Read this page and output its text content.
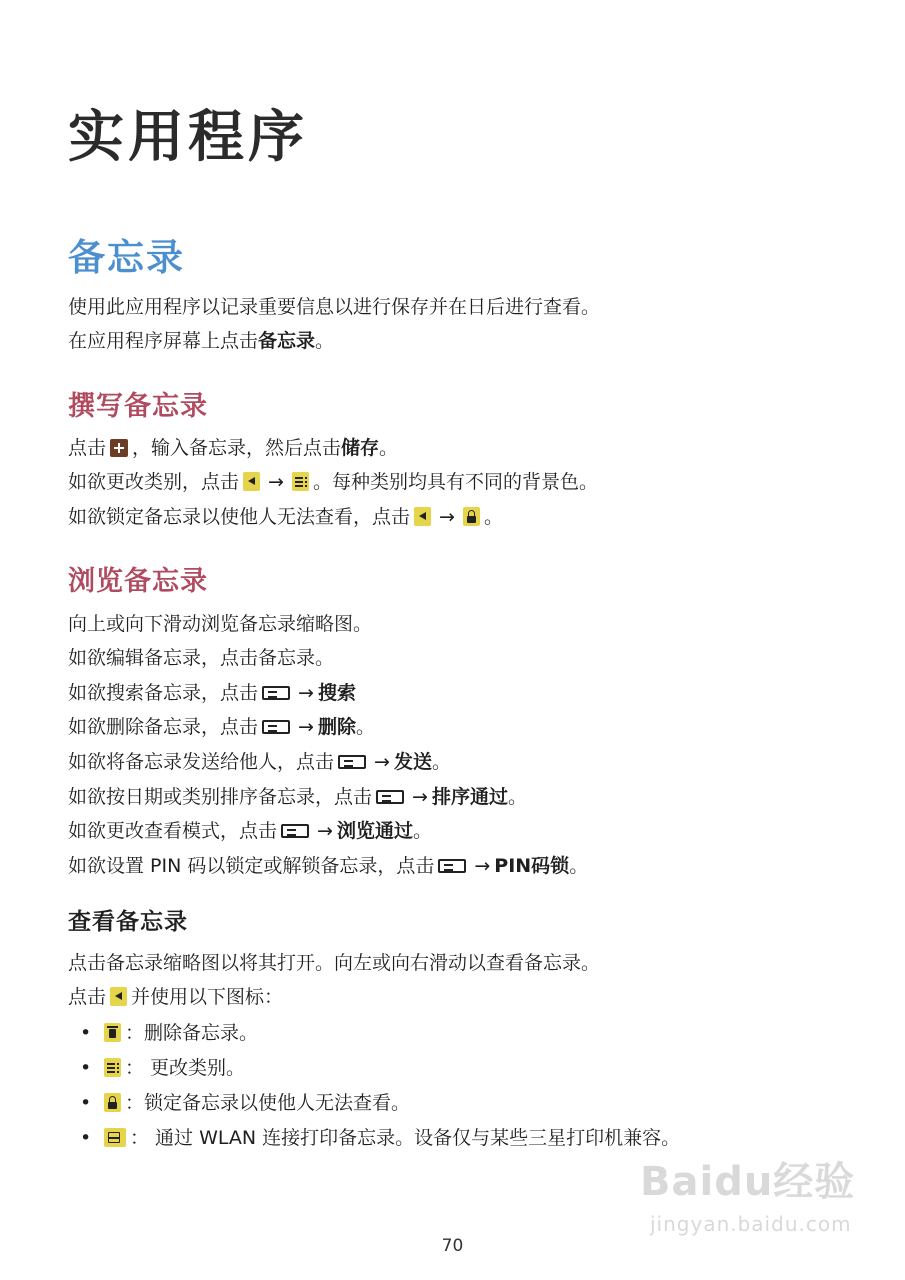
实用程序
备忘录
使用此应用程序以记录重要信息以进行保存并在日后进行查看。
在应用程序屏幕上点击备忘录。
撰写备忘录
点击 ，输入备忘录，然后点击储存。
如欲更改类别，点击 → 。每种类别均具有不同的背景色。
如欲锁定备忘录以使他人无法查看，点击 → 。
浏览备忘录
向上或向下滑动浏览备忘录缩略图。
如欲编辑备忘录，点击备忘录。
如欲搜索备忘录，点击 → 搜索
如欲删除备忘录，点击 → 删除。
如欲将备忘录发送给他人，点击 → 发送。
如欲按日期或类别排序备忘录，点击 → 排序通过。
如欲更改查看模式，点击 → 浏览通过。
如欲设置 PIN 码以锁定或解锁备忘录，点击 → PIN码锁。
查看备忘录
点击备忘录缩略图以将其打开。向左或向右滑动以查看备忘录。
点击 并使用以下图标：
•	：删除备忘录。
•	： 更改类别。
•	：锁定备忘录以使他人无法查看。
•	： 通过 WLAN 连接打印备忘录。设备仅与某些三星打印机兼容。
Baidu经验
jingyan.baidu.com
70
